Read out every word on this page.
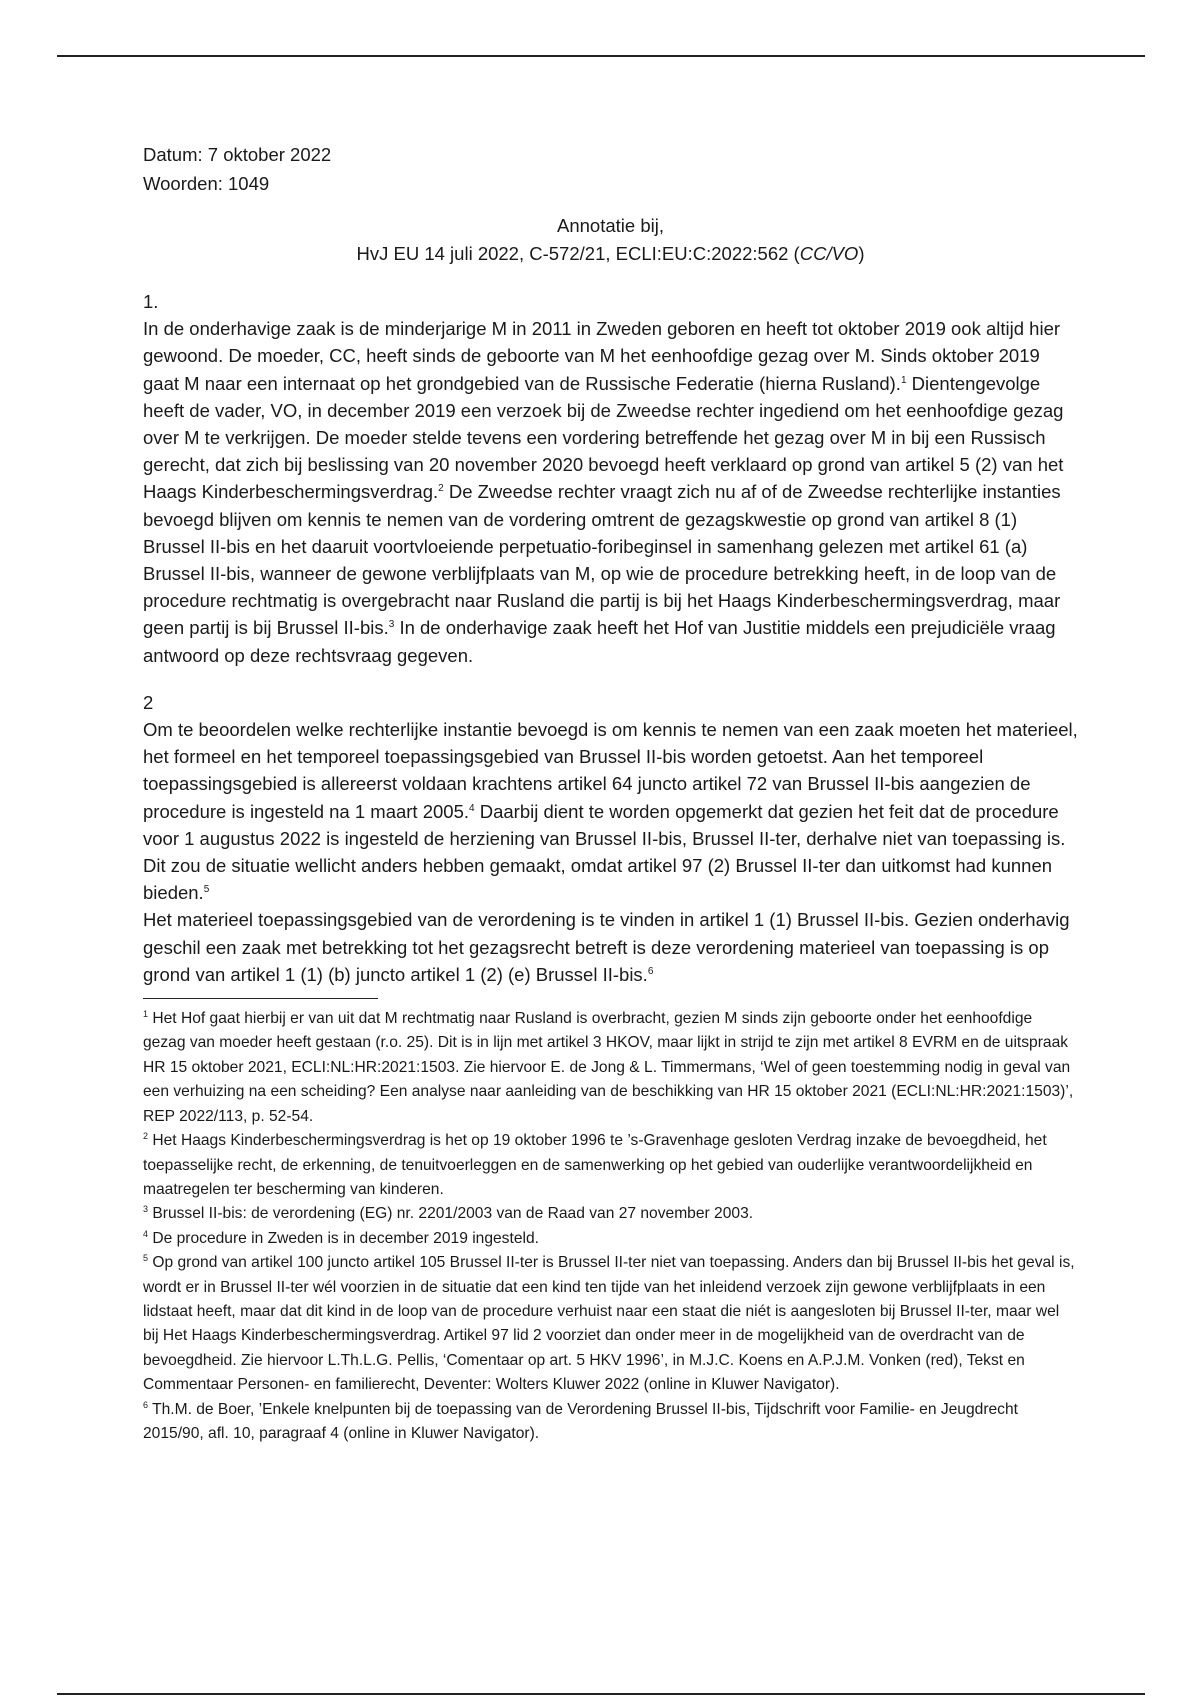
Datum: 7 oktober 2022
Woorden: 1049
Annotatie bij,
HvJ EU 14 juli 2022, C-572/21, ECLI:EU:C:2022:562 (CC/VO)
1.
In de onderhavige zaak is de minderjarige M in 2011 in Zweden geboren en heeft tot oktober 2019 ook altijd hier gewoond. De moeder, CC, heeft sinds de geboorte van M het eenhoofdige gezag over M. Sinds oktober 2019 gaat M naar een internaat op het grondgebied van de Russische Federatie (hierna Rusland).$^1$ Dientengevolge heeft de vader, VO, in december 2019 een verzoek bij de Zweedse rechter ingediend om het eenhoofdige gezag over M te verkrijgen. De moeder stelde tevens een vordering betreffende het gezag over M in bij een Russisch gerecht, dat zich bij beslissing van 20 november 2020 bevoegd heeft verklaard op grond van artikel 5 (2) van het Haags Kinderbeschermingsverdrag.$^2$ De Zweedse rechter vraagt zich nu af of de Zweedse rechterlijke instanties bevoegd blijven om kennis te nemen van de vordering omtrent de gezagskwestie op grond van artikel 8 (1) Brussel II-bis en het daaruit voortvloeiende perpetuatio-foribeginsel in samenhang gelezen met artikel 61 (a) Brussel II-bis, wanneer de gewone verblijfplaats van M, op wie de procedure betrekking heeft, in de loop van de procedure rechtmatig is overgebracht naar Rusland die partij is bij het Haags Kinderbeschermingsverdrag, maar geen partij is bij Brussel II-bis.$^3$ In de onderhavige zaak heeft het Hof van Justitie middels een prejudiciële vraag antwoord op deze rechtsvraag gegeven.
2
Om te beoordelen welke rechterlijke instantie bevoegd is om kennis te nemen van een zaak moeten het materieel, het formeel en het temporeel toepassingsgebied van Brussel II-bis worden getoetst. Aan het temporeel toepassingsgebied is allereerst voldaan krachtens artikel 64 juncto artikel 72 van Brussel II-bis aangezien de procedure is ingesteld na 1 maart 2005.$^4$ Daarbij dient te worden opgemerkt dat gezien het feit dat de procedure voor 1 augustus 2022 is ingesteld de herziening van Brussel II-bis, Brussel II-ter, derhalve niet van toepassing is. Dit zou de situatie wellicht anders hebben gemaakt, omdat artikel 97 (2) Brussel II-ter dan uitkomst had kunnen bieden.$^5$
Het materieel toepassingsgebied van de verordening is te vinden in artikel 1 (1) Brussel II-bis. Gezien onderhavig geschil een zaak met betrekking tot het gezagsrecht betreft is deze verordening materieel van toepassing is op grond van artikel 1 (1) (b) juncto artikel 1 (2) (e) Brussel II-bis.$^6$

$^1$ Het Hof gaat hierbij er van uit dat M rechtmatig naar Rusland is overbracht, gezien M sinds zijn geboorte onder het eenhoofdige gezag van moeder heeft gestaan (r.o. 25). Dit is in lijn met artikel 3 HKOV, maar lijkt in strijd te zijn met artikel 8 EVRM en de uitspraak HR 15 oktober 2021, ECLI:NL:HR:2021:1503. Zie hiervoor E. de Jong & L. Timmermans, ‘Wel of geen toestemming nodig in geval van een verhuizing na een scheiding? Een analyse naar aanleiding van de beschikking van HR 15 oktober 2021 (ECLI:NL:HR:2021:1503)’, REP 2022/113, p. 52-54.

$^2$ Het Haags Kinderbeschermingsverdrag is het op 19 oktober 1996 te ’s-Gravenhage gesloten Verdrag inzake de bevoegdheid, het toepasselijke recht, de erkenning, de tenuitvoerleggen en de samenwerking op het gebied van ouderlijke verantwoordelijkheid en maatregelen ter bescherming van kinderen.

$^3$ Brussel II-bis: de verordening (EG) nr. 2201/2003 van de Raad van 27 november 2003.

$^4$ De procedure in Zweden is in december 2019 ingesteld.

$^5$ Op grond van artikel 100 juncto artikel 105 Brussel II-ter is Brussel II-ter niet van toepassing. Anders dan bij Brussel II-bis het geval is, wordt er in Brussel II-ter wél voorzien in de situatie dat een kind ten tijde van het inleidend verzoek zijn gewone verblijfplaats in een lidstaat heeft, maar dat dit kind in de loop van de procedure verhuist naar een staat die niét is aangesloten bij Brussel II-ter, maar wel bij Het Haags Kinderbeschermingsverdrag. Artikel 97 lid 2 voorziet dan onder meer in de mogelijkheid van de overdracht van de bevoegdheid. Zie hiervoor L.Th.L.G. Pellis, ‘Comentaar op art. 5 HKV 1996’, in M.J.C. Koens en A.P.J.M. Vonken (red), Tekst en Commentaar Personen- en familierecht, Deventer: Wolters Kluwer 2022 (online in Kluwer Navigator).

$^6$ Th.M. de Boer, ’Enkele knelpunten bij de toepassing van de Verordening Brussel II-bis, Tijdschrift voor Familie- en Jeugdrecht 2015/90, afl. 10, paragraaf 4 (online in Kluwer Navigator).
